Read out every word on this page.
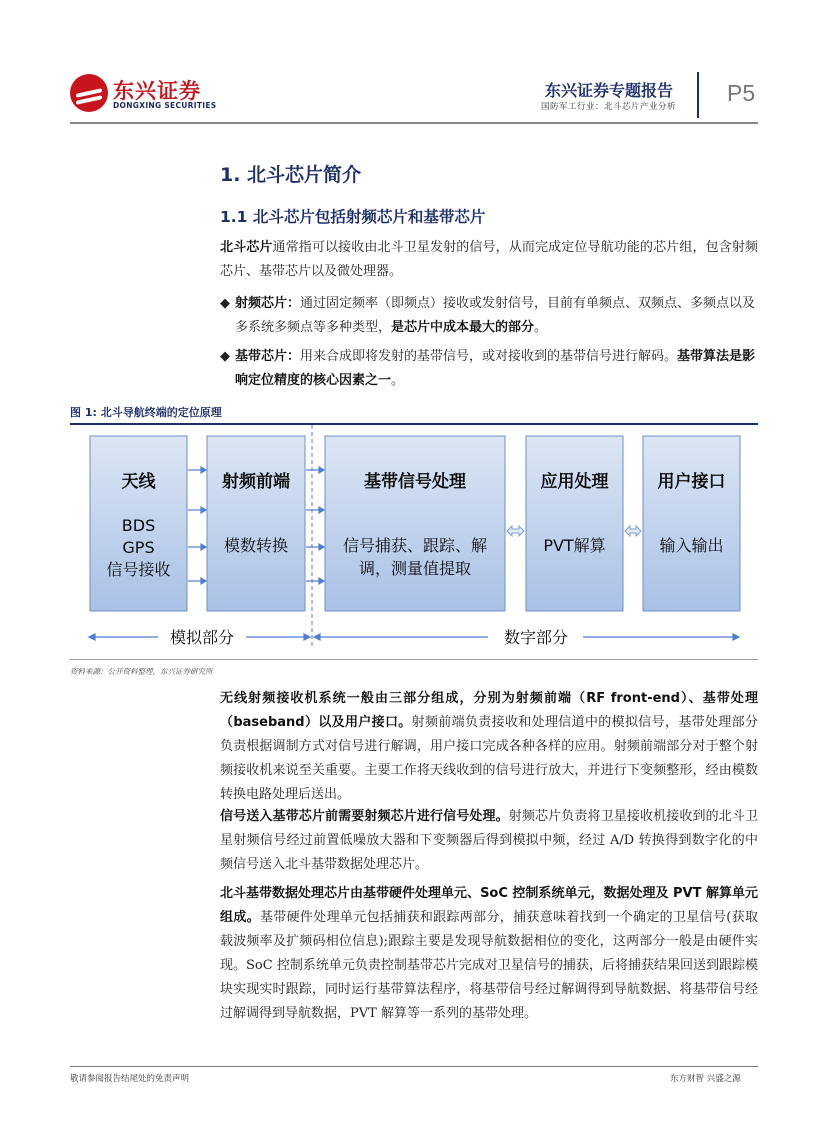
东兴证券
DONGXING SECURITIES
东兴证券专题报告
国防军工行业：北斗芯片产业分析
P5
1. 北斗芯片简介
1.1 北斗芯片包括射频芯片和基带芯片
北斗芯片通常指可以接收由北斗卫星发射的信号，从而完成定位导航功能的芯片组，包含射频芯片、基带芯片以及微处理器。
◆ 射频芯片：通过固定频率（即频点）接收或发射信号，目前有单频点、双频点、多频点以及多系统多频点等多种类型，是芯片中成本最大的部分。
◆ 基带芯片：用来合成即将发射的基带信号，或对接收到的基带信号进行解码。基带算法是影响定位精度的核心因素之一。
图 1: 北斗导航终端的定位原理
天线
BDS
GPS
信号接收
射频前端
模数转换
基带信号处理
信号捕获、跟踪、解
调，测量值提取
应用处理
PVT解算
用户接口
输入输出
模拟部分	数字部分
资料来源：公开资料整理，东兴证券研究所
无线射频接收机系统一般由三部分组成，分别为射频前端（RF front-end）、基带处理（baseband）以及用户接口。射频前端负责接收和处理信道中的模拟信号，基带处理部分负责根据调制方式对信号进行解调，用户接口完成各种各样的应用。射频前端部分对于整个射频接收机来说至关重要。主要工作将天线收到的信号进行放大，并进行下变频整形，经由模数转换电路处理后送出。
信号送入基带芯片前需要射频芯片进行信号处理。射频芯片负责将卫星接收机接收到的北斗卫星射频信号经过前置低噪放大器和下变频器后得到模拟中频，经过 A/D 转换得到数字化的中频信号送入北斗基带数据处理芯片。
北斗基带数据处理芯片由基带硬件处理单元、SoC 控制系统单元，数据处理及 PVT 解算单元组成。基带硬件处理单元包括捕获和跟踪两部分，捕获意味着找到一个确定的卫星信号(获取载波频率及扩频码相位信息);跟踪主要是发现导航数据相位的变化，这两部分一般是由硬件实现。SoC 控制系统单元负责控制基带芯片完成对卫星信号的捕获，后将捕获结果回送到跟踪模块实现实时跟踪，同时运行基带算法程序，将基带信号经过解调得到导航数据、将基带信号经过解调得到导航数据，PVT 解算等一系列的基带处理。
敬请参阅报告结尾处的免责声明	东方财智 兴盛之源
